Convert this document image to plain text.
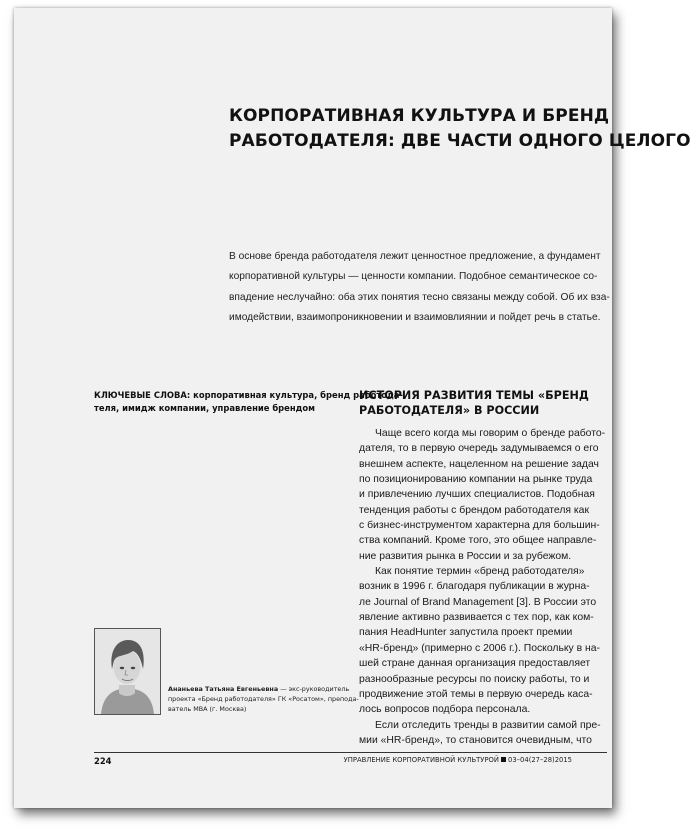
КОРПОРАТИВНАЯ КУЛЬТУРА И БРЕНД
РАБОТОДАТЕЛЯ: ДВЕ ЧАСТИ ОДНОГО ЦЕЛОГО
В основе бренда работодателя лежит ценностное предложение, а фундамент
корпоративной культуры — ценности компании. Подобное семантическое со-
впадение неслучайно: оба этих понятия тесно связаны между собой. Об их вза-
имодействии, взаимопроникновении и взаимовлиянии и пойдет речь в статье.
КЛЮЧЕВЫЕ СЛОВА: корпоративная культура, бренд работода-
теля, имидж компании, управление брендом
ИСТОРИЯ РАЗВИТИЯ ТЕМЫ «БРЕНД
РАБОТОДАТЕЛЯ» В РОССИИ
Чаще всего когда мы говорим о бренде работо-
дателя, то в первую очередь задумываемся о его
внешнем аспекте, нацеленном на решение задач
по позиционированию компании на рынке труда
и привлечению лучших специалистов. Подобная
тенденция работы с брендом работодателя как
с бизнес-инструментом характерна для большин-
ства компаний. Кроме того, это общее направле-
ние развития рынка в России и за рубежом.
Как понятие термин «бренд работодателя»
возник в 1996 г. благодаря публикации в журна-
ле Journal of Brand Management [3]. В России это
явление активно развивается с тех пор, как ком-
пания HeadHunter запустила проект премии
«HR-бренд» (примерно с 2006 г.). Поскольку в на-
шей стране данная организация предоставляет
разнообразные ресурсы по поиску работы, то и
продвижение этой темы в первую очередь касa-
лось вопросов подбора персонала.
Если отследить тренды в развитии самой пре-
мии «HR-бренд», то становится очевидным, что
Ананьева Татьяна Евгеньевна — экс-руководитель
проекта «Бренд работодателя» ГК «Росатом», препода-
ватель MBA (г. Москва)
224	УПРАВЛЕНИЕ КОРПОРАТИВНОЙ КУЛЬТУРОЙ 03–04(27–28)2015
